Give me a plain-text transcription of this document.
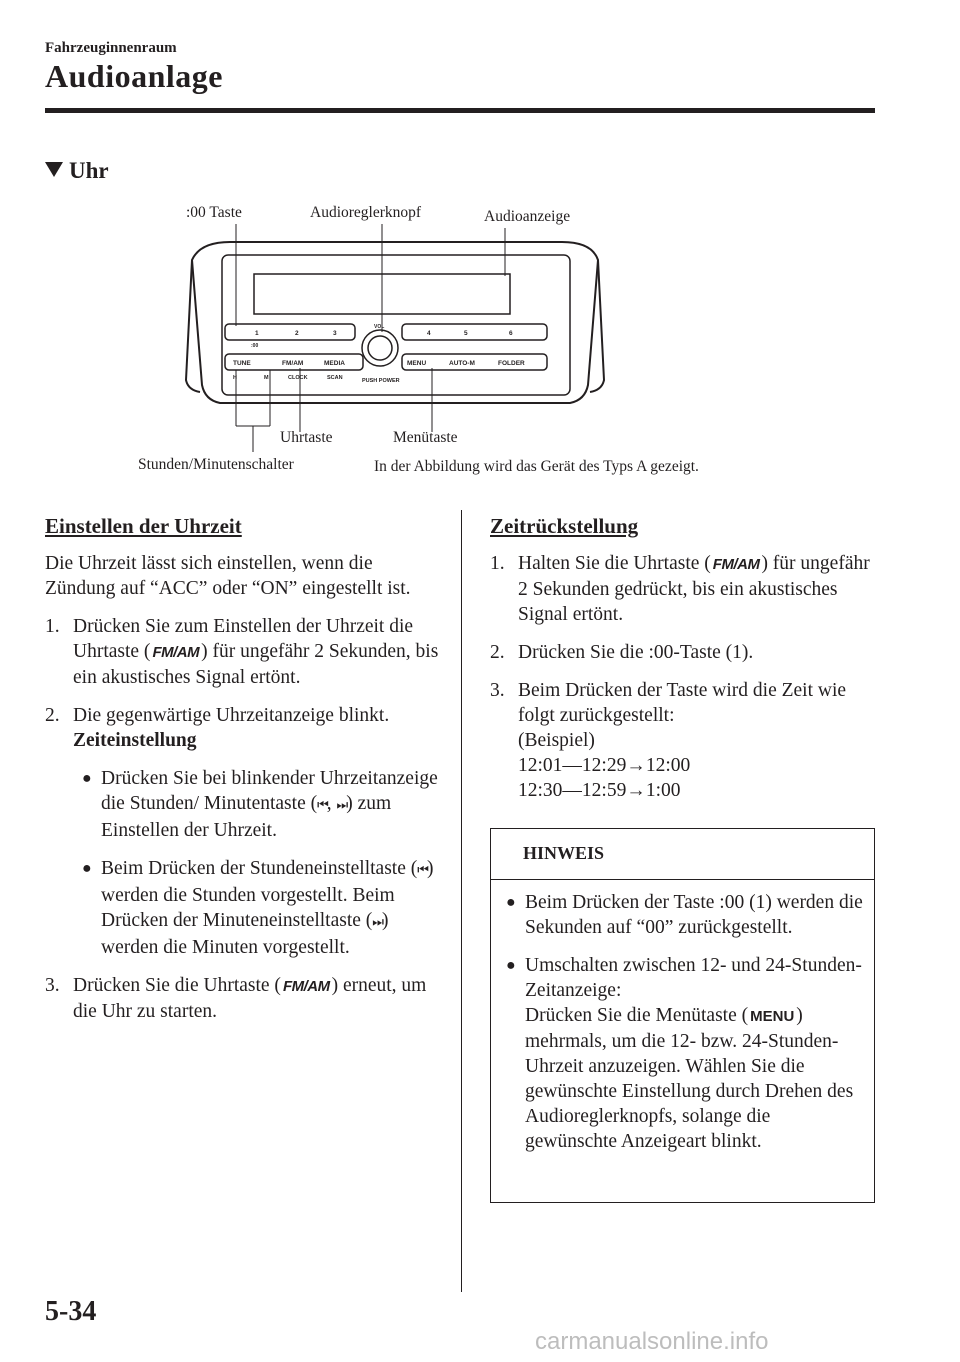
Fahrzeuginnenraum
Audioanlage
Uhr
:00 Taste	Audioreglerknopf	Audioanzeige
1	2	3	4	5	6
:00
VOL
TUNE	FM/AM	MEDIA	MENU	AUTO-M	FOLDER
H	M	CLOCK	SCAN	PUSH POWER
Uhrtaste	Menütaste
Stunden/Minutenschalter	In der Abbildung wird das Gerät des Typs A gezeigt.
Einstellen der Uhrzeit
Die Uhrzeit lässt sich einstellen, wenn die Zündung auf “ACC” oder “ON” eingestellt ist.
1. Drücken Sie zum Einstellen der Uhrzeit die Uhrtaste ( FM/AM ) für ungefähr 2 Sekunden, bis ein akustisches Signal ertönt.
2. Die gegenwärtige Uhrzeitanzeige blinkt.
Zeiteinstellung
● Drücken Sie bei blinkender Uhrzeitanzeige die Stunden/ Minutentaste (⏮, ⏭) zum Einstellen der Uhrzeit.
● Beim Drücken der Stundeneinstelltaste (⏮) werden die Stunden vorgestellt. Beim Drücken der Minuteneinstelltaste (⏭) werden die Minuten vorgestellt.
3. Drücken Sie die Uhrtaste ( FM/AM ) erneut, um die Uhr zu starten.
Zeitrückstellung
1. Halten Sie die Uhrtaste ( FM/AM ) für ungefähr 2 Sekunden gedrückt, bis ein akustisches Signal ertönt.
2. Drücken Sie die :00-Taste (1).
3. Beim Drücken der Taste wird die Zeit wie folgt zurückgestellt:
(Beispiel)
12:01―12:29→12:00
12:30―12:59→1:00
HINWEIS
● Beim Drücken der Taste :00 (1) werden die Sekunden auf “00” zurückgestellt.
● Umschalten zwischen 12- und 24-Stunden-Zeitanzeige:
Drücken Sie die Menütaste ( MENU ) mehrmals, um die 12- bzw. 24-Stunden-Uhrzeit anzuzeigen. Wählen Sie die gewünschte Einstellung durch Drehen des Audioreglerknopfs, solange die gewünschte Anzeigeart blinkt.
5-34
carmanualsonline.info
